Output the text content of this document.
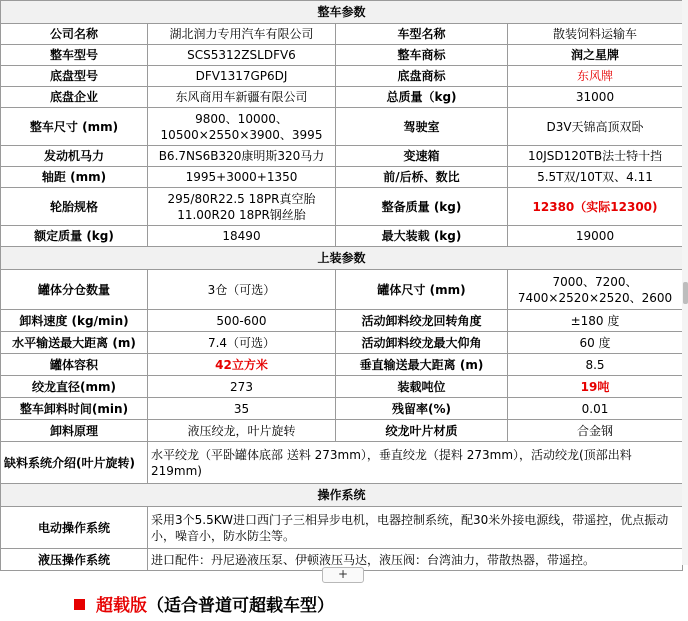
整车参数			
公司名称	湖北润力专用汽车有限公司	车型名称	散装饲料运输车
整车型号	SCS5312ZSLDFV6	整车商标	润之星牌
底盘型号	DFV1317GP6DJ	底盘商标	东风牌
底盘企业	东风商用车新疆有限公司	总质量（kg)	31000
整车尺寸 (mm)	9800、10000、10500×2550×3900、3995	驾驶室	D3V天锦高顶双卧
发动机马力	B6.7NS6B320康明斯320马力	变速箱	10JSD120TB法士特十挡
轴距 (mm)	1995+3000+1350	前/后桥、数比	5.5T双/10T双、4.11
轮胎规格	295/80R22.5 18PR真空胎 11.00R20 18PR钢丝胎	整备质量 (kg)	12380（实际12300)
额定质量 (kg)	18490	最大装载 (kg)	19000
上装参数			
罐体分仓数量	3仓（可选）	罐体尺寸 (mm)	7000、7200、7400×2520×2520、2600
卸料速度 (kg/min)	500-600	活动卸料绞龙回转角度	±180 度
水平输送最大距离 (m)	7.4（可选）	活动卸料绞龙最大仰角	60 度
罐体容积	42立方米	垂直输送最大距离 (m)	8.5
绞龙直径(mm)	273	装载吨位	19吨
整车卸料时间(min)	35	残留率(%)	0.01
卸料原理	液压绞龙，叶片旋转	绞龙叶片材质	合金钢
缺料系统介绍(叶片旋转)	水平绞龙（平卧罐体底部 送料 273mm），垂直绞龙（提料 273mm），活动绞龙(顶部出料219mm)		
操作系统			
电动操作系统	采用3个5.5KW进口西门子三相异步电机，电器控制系统，配30米外接电源线，带遥控，优点振动小，噪音小，防水防尘等。		
液压操作系统	进口配件：丹尼逊液压泵、伊顿液压马达，液压阀：台湾油力，带散热器，带遥控。		
+
超载版（适合普道可超载车型）
